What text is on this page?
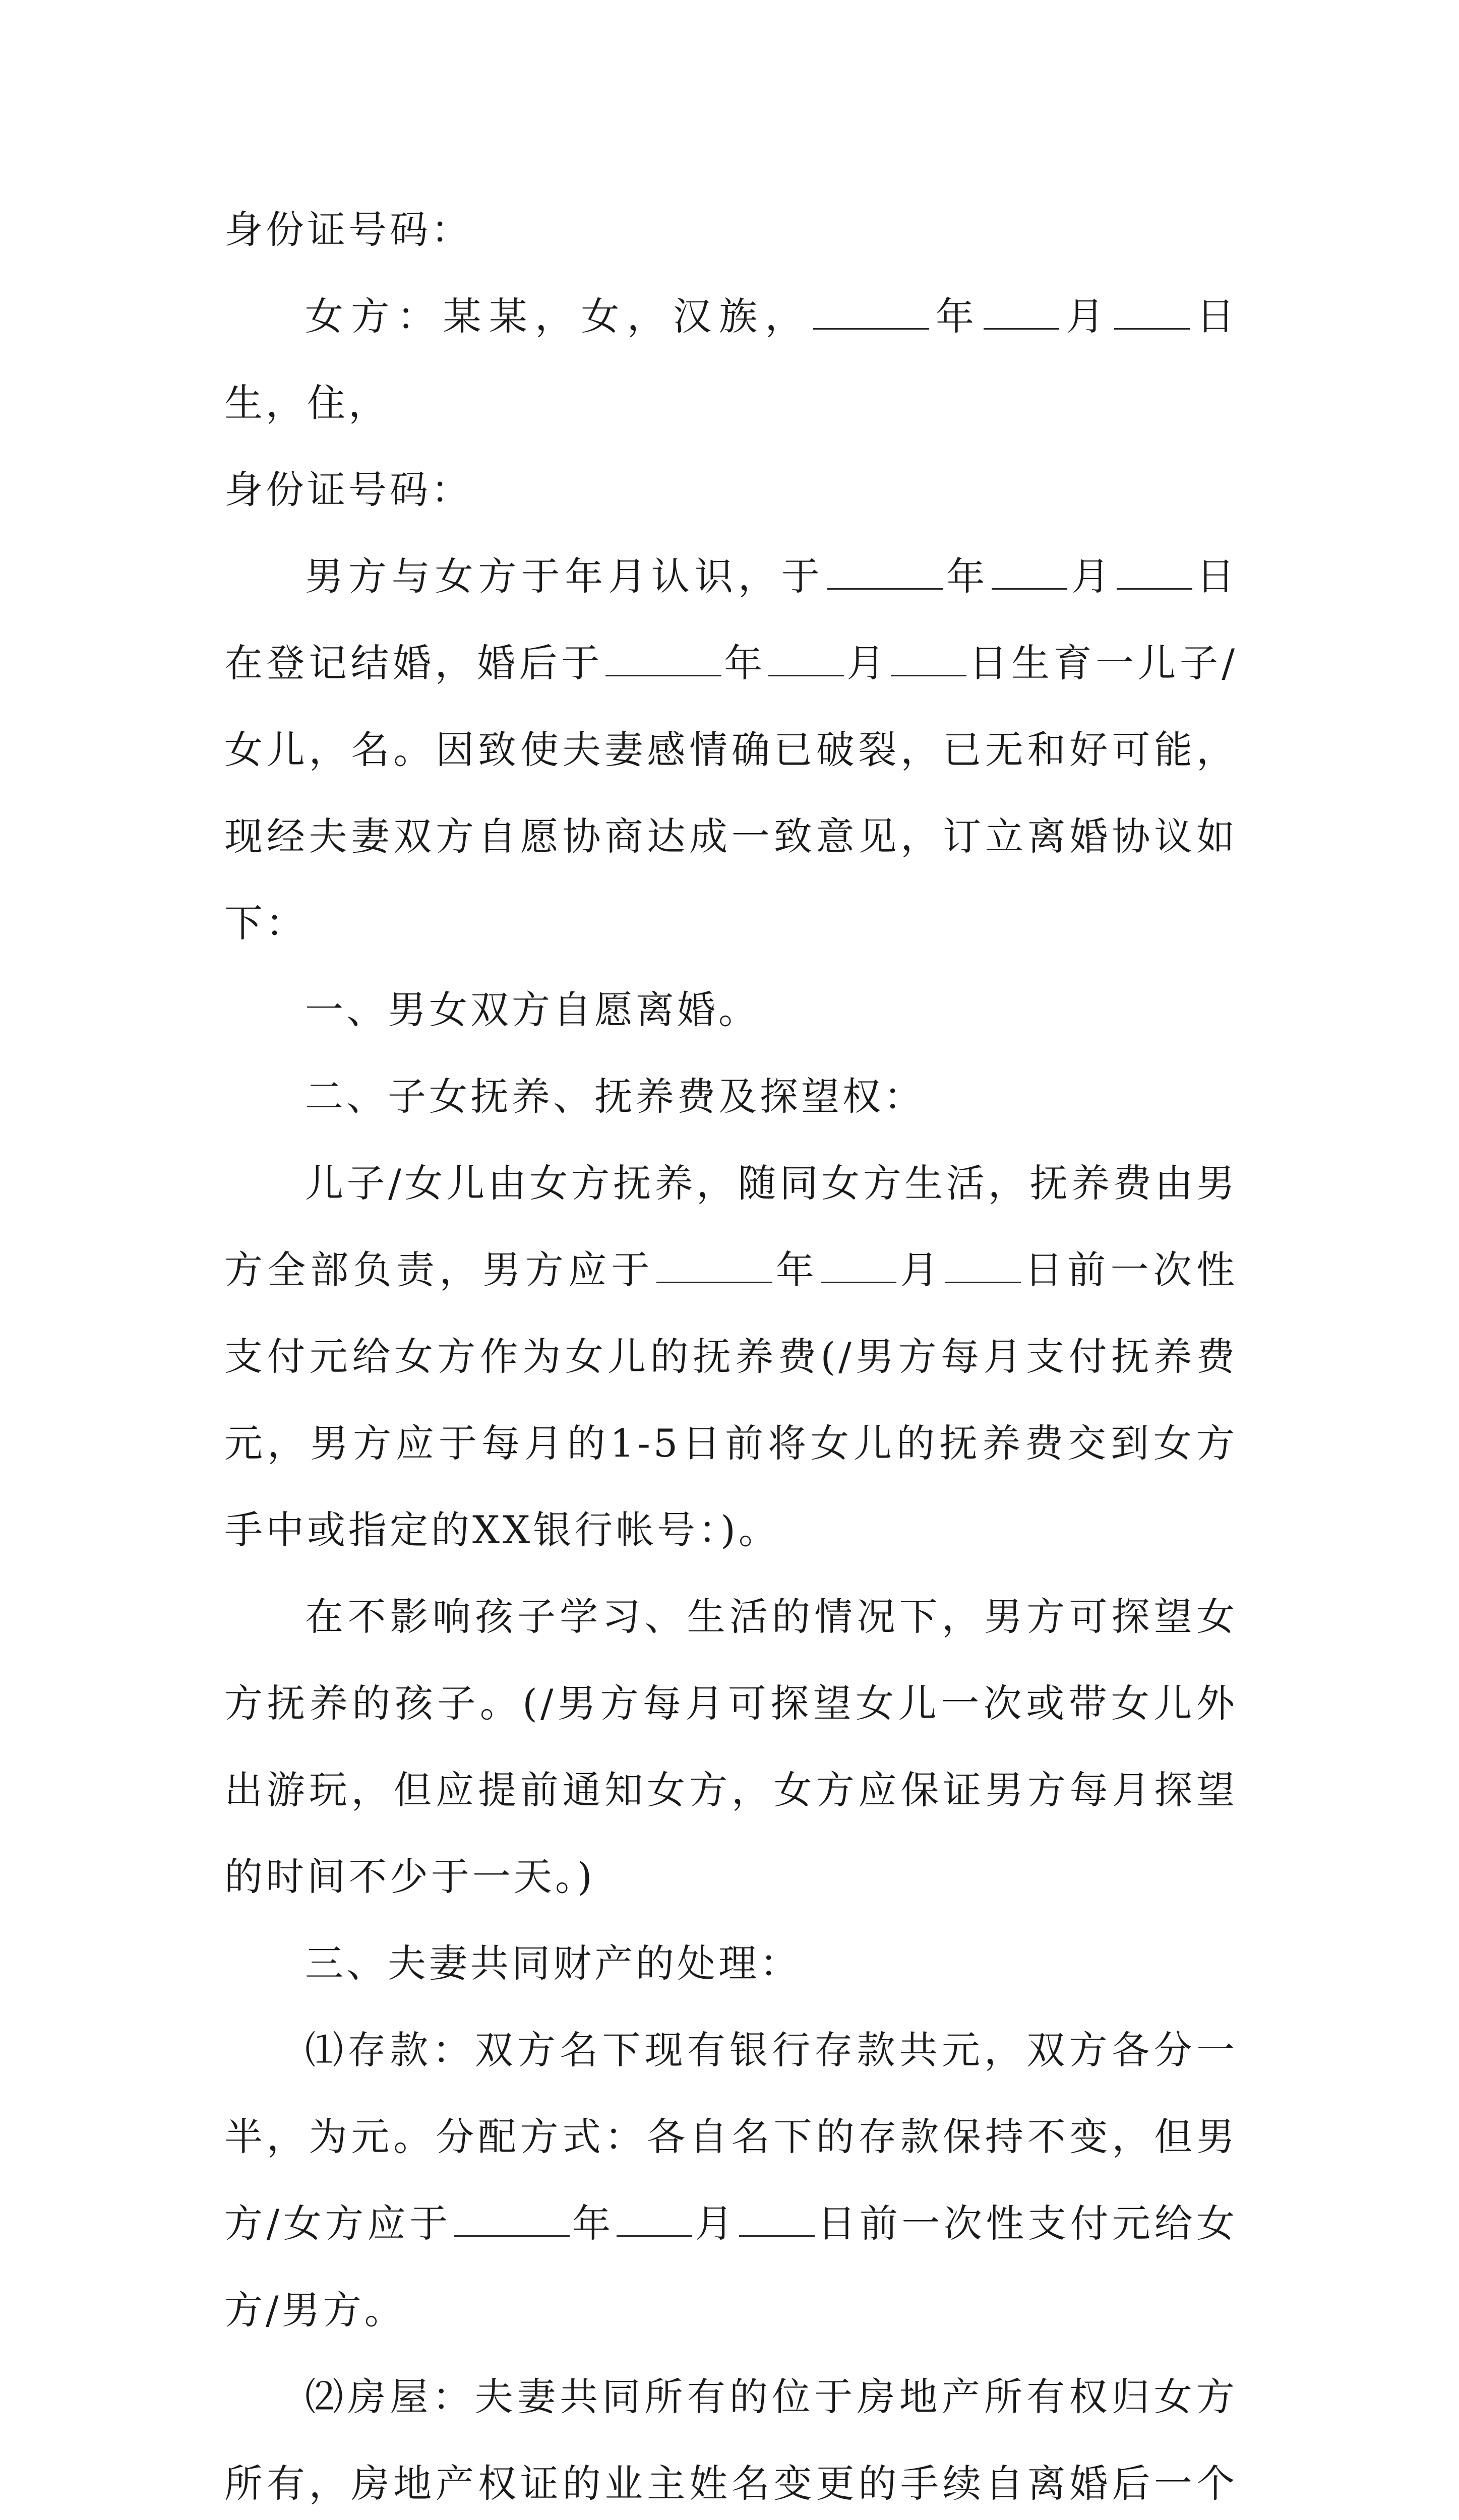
身份证号码：

女方：某某，女，汉族，	年 月 日生，住，

身份证号码：

男方与女方于年月认识，于	年 月 日在登记结婚，婚后于	年 月 日生育一儿子/女儿，名。因致使夫妻感情确已破裂，已无和好可能，现经夫妻双方自愿协商达成一致意见，订立离婚协议如下：

一、男女双方自愿离婚。

二、子女抚养、抚养费及探望权：

儿子/女儿由女方抚养，随同女方生活，抚养费由男方全部负责，男方应于	年 月 日前一次性支付元给女方作为女儿的抚养费(/男方每月支付抚养费元，男方应于每月的1-5日前将女儿的抚养费交到女方手中或指定的XX银行帐号：)。

在不影响孩子学习、生活的情况下，男方可探望女方抚养的孩子。(/男方每月可探望女儿一次或带女儿外出游玩，但应提前通知女方，女方应保证男方每月探望的时间不少于一天。)

三、夫妻共同财产的处理：

⑴存款：双方名下现有银行存款共元，双方各分一半，为元。分配方式：各自名下的存款保持不变，但男方/女方应于	年 月 日前一次性支付元给女方/男方。

⑵房屋：夫妻共同所有的位于房地产所有权归女方所有，房地产权证的业主姓名变更的手续自离婚后一个
